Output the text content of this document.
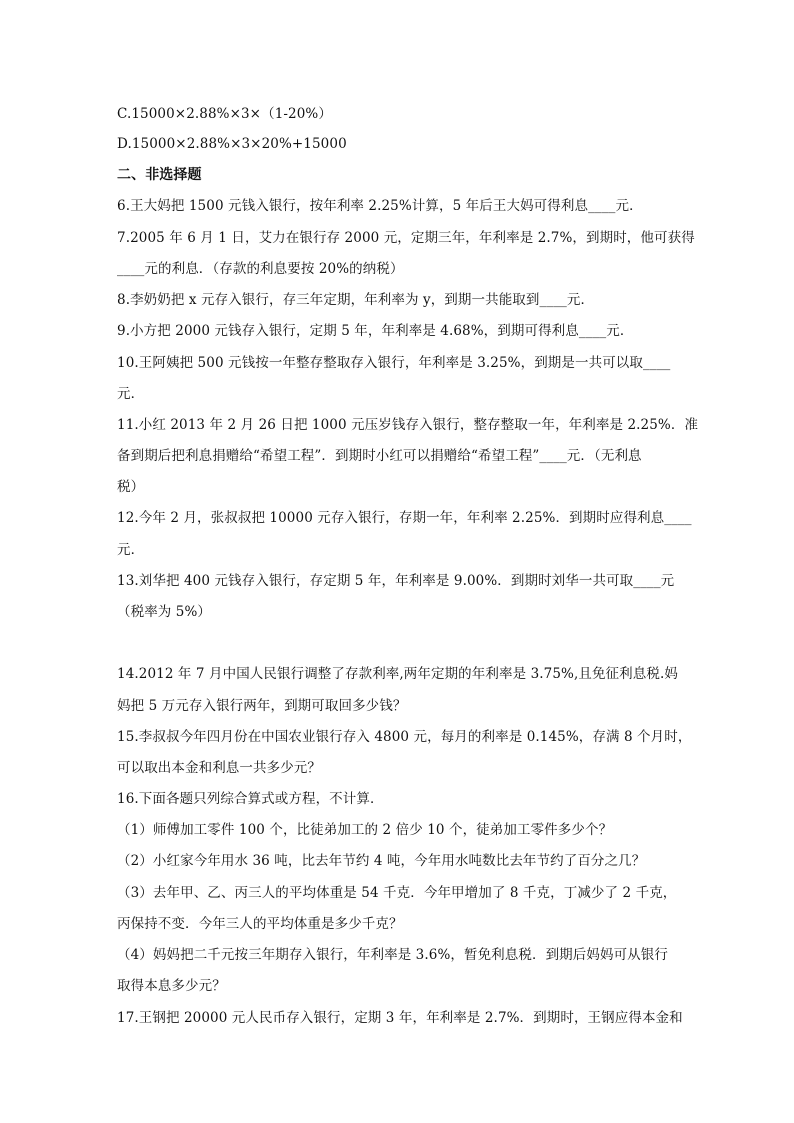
C.15000×2.88%×3×（1-20%）
D.15000×2.88%×3×20%+15000
二、非选择题
6.王大妈把 1500 元钱入银行，按年利率 2.25%计算，5 年后王大妈可得利息____元．
7.2005 年 6 月 1 日，艾力在银行存 2000 元，定期三年，年利率是 2.7%，到期时，他可获得
____元的利息．（存款的利息要按 20%的纳税）
8.李奶奶把 x 元存入银行，存三年定期，年利率为 y，到期一共能取到____元．
9.小方把 2000 元钱存入银行，定期 5 年，年利率是 4.68%，到期可得利息____元．
10.王阿姨把 500 元钱按一年整存整取存入银行，年利率是 3.25%，到期是一共可以取____
元．
11.小红 2013 年 2 月 26 日把 1000 元压岁钱存入银行，整存整取一年，年利率是 2.25%．准
备到期后把利息捐赠给“希望工程”．到期时小红可以捐赠给“希望工程”____元．（无利息
税）
12.今年 2 月，张叔叔把 10000 元存入银行，存期一年，年利率 2.25%．到期时应得利息____
元．
13.刘华把 400 元钱存入银行，存定期 5 年，年利率是 9.00%．到期时刘华一共可取____元
（税率为 5%）
14.2012 年 7 月中国人民银行调整了存款利率,两年定期的年利率是 3.75%,且免征利息税.妈
妈把 5 万元存入银行两年，到期可取回多少钱？
15.李叔叔今年四月份在中国农业银行存入 4800 元，每月的利率是 0.145%，存满 8 个月时，
可以取出本金和利息一共多少元？
16.下面各题只列综合算式或方程，不计算．
（1）师傅加工零件 100 个，比徒弟加工的 2 倍少 10 个，徒弟加工零件多少个？
（2）小红家今年用水 36 吨，比去年节约 4 吨，今年用水吨数比去年节约了百分之几？
（3）去年甲、乙、丙三人的平均体重是 54 千克．今年甲增加了 8 千克，丁减少了 2 千克，
丙保持不变．今年三人的平均体重是多少千克？
（4）妈妈把二千元按三年期存入银行，年利率是 3.6%，暂免利息税．到期后妈妈可从银行
取得本息多少元？
17.王钢把 20000 元人民币存入银行，定期 3 年，年利率是 2.7%．到期时，王钢应得本金和
